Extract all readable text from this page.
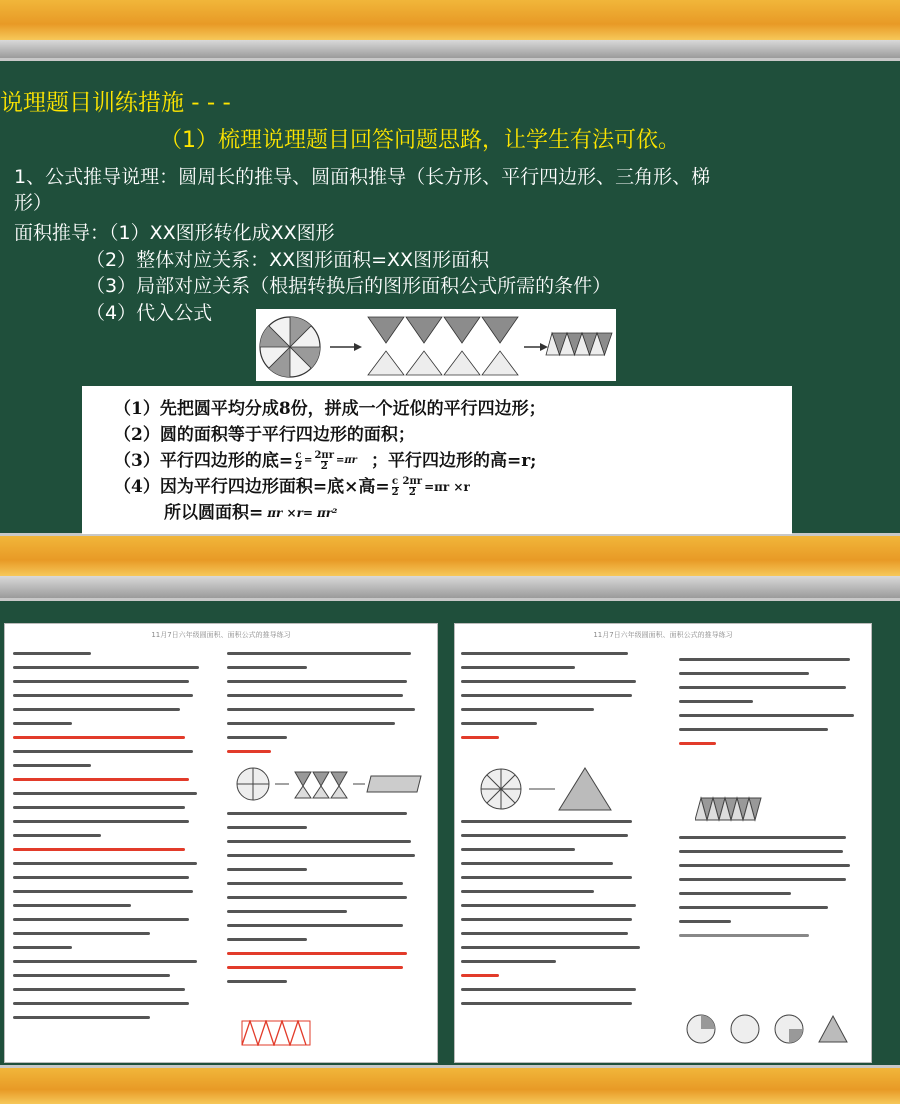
说理题目训练措施 - - -
（1）梳理说理题目回答问题思路，让学生有法可依。
1、公式推导说理：圆周长的推导、圆面积推导（长方形、平行四边形、三角形、梯
形）
面积推导：（1）XX图形转化成XX图形
（2）整体对应关系：XX图形面积=XX图形面积
（3）局部对应关系（根据转换后的图形面积公式所需的条件）
（4）代入公式
（1）先把圆平均分成8份，拼成一个近似的平行四边形；
（2）圆的面积等于平行四边形的面积；
（3）平行四边形的底= $\frac{c}{2} = \frac{2\pi r}{2} =\pi r$ ；平行四边形的高=r;
（4）因为平行四边形面积=底×高= $\frac{c}{2} \frac{2\pi r}{2} =\pi r \times r$
所以圆面积= πr ×r= πr²
11月7日六年级圆面积、面积公式的推导练习	11月7日六年级圆面积、面积公式的推导练习
